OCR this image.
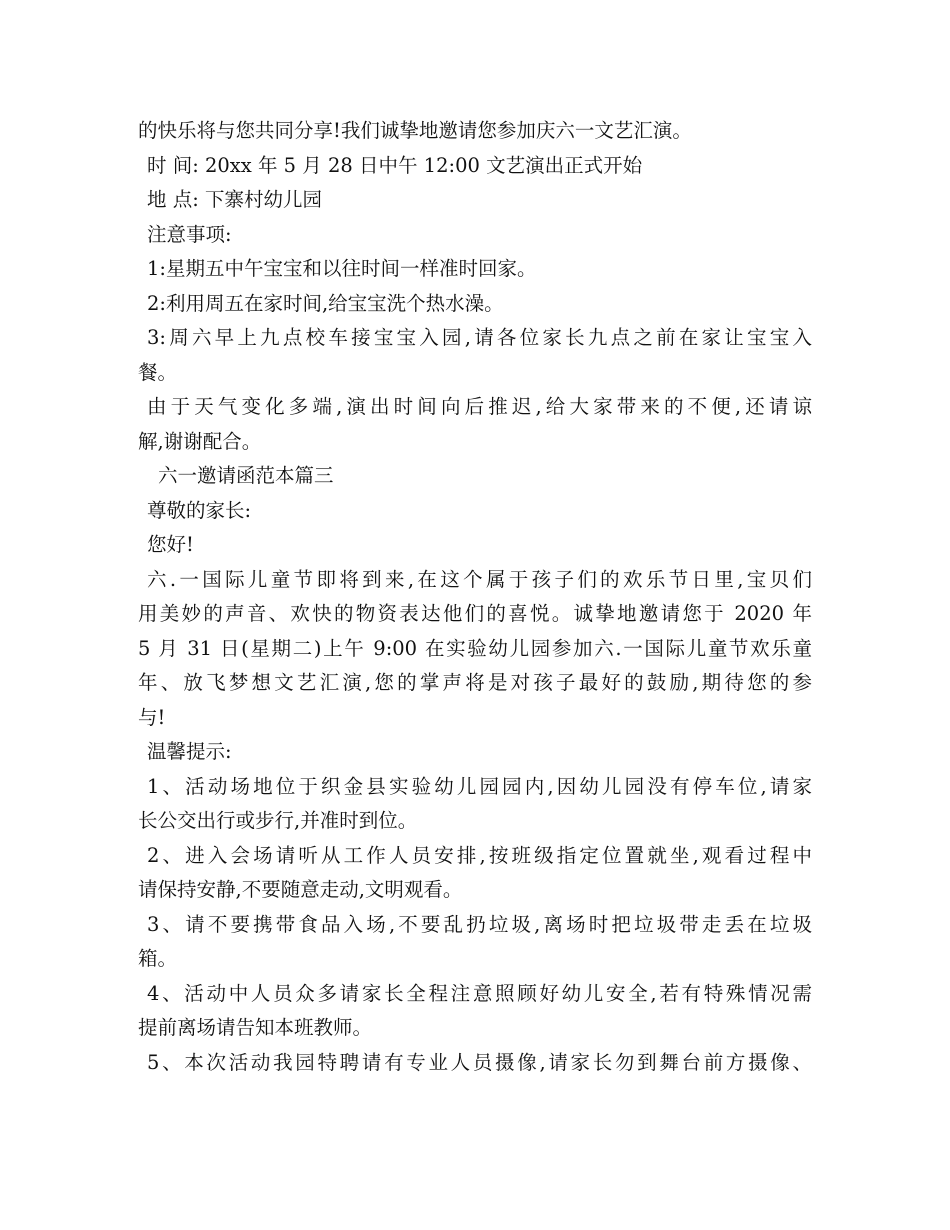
的快乐将与您共同分享!我们诚挚地邀请您参加庆六一文艺汇演。
时 间: 20xx 年 5 月 28 日中午 12:00 文艺演出正式开始
地 点: 下寨村幼儿园
注意事项:
1:星期五中午宝宝和以往时间一样准时回家。
2:利用周五在家时间,给宝宝洗个热水澡。
3:周六早上九点校车接宝宝入园,请各位家长九点之前在家让宝宝入
餐。
由于天气变化多端,演出时间向后推迟,给大家带来的不便,还请谅
解,谢谢配合。
六一邀请函范本篇三
尊敬的家长:
您好!
六.一国际儿童节即将到来,在这个属于孩子们的欢乐节日里,宝贝们
用美妙的声音、欢快的物资表达他们的喜悦。诚挚地邀请您于 2020 年
5 月 31 日(星期二)上午 9:00 在实验幼儿园参加六.一国际儿童节欢乐童
年、放飞梦想文艺汇演,您的掌声将是对孩子最好的鼓励,期待您的参
与!
温馨提示:
1、活动场地位于织金县实验幼儿园园内,因幼儿园没有停车位,请家
长公交出行或步行,并准时到位。
2、进入会场请听从工作人员安排,按班级指定位置就坐,观看过程中
请保持安静,不要随意走动,文明观看。
3、请不要携带食品入场,不要乱扔垃圾,离场时把垃圾带走丢在垃圾
箱。
4、活动中人员众多请家长全程注意照顾好幼儿安全,若有特殊情况需
提前离场请告知本班教师。
5、本次活动我园特聘请有专业人员摄像,请家长勿到舞台前方摄像、
